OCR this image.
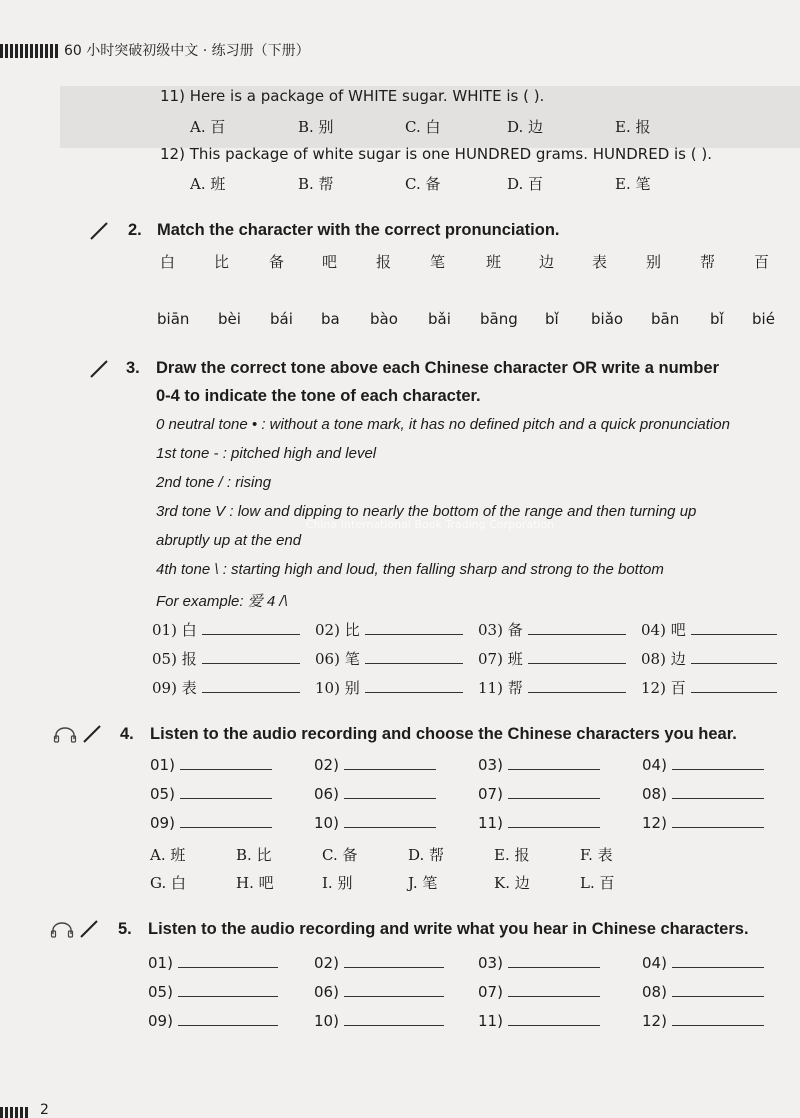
60 小时突破初级中文 · 练习册（下册）
11) Here is a package of WHITE sugar. WHITE is ( ).
A. 百	B. 别	C. 白	D. 边	E. 报
12) This package of white sugar is one HUNDRED grams. HUNDRED is ( ).
A. 班	B. 帮	C. 备	D. 百	E. 笔
2. Match the character with the correct pronunciation.
白	比	备	吧	报	笔	班	边	表	别	帮	百
biān bèi bái ba bào bǎi bāng bǐ biǎo bān bǐ bié
3. Draw the correct tone above each Chinese character OR write a number
0-4 to indicate the tone of each character.
0 neutral tone • : without a tone mark, it has no defined pitch and a quick pronunciation
1st tone - : pitched high and level
2nd tone / : rising
3rd tone V : low and dipping to nearly the bottom of the range and then turning up
abruptly up at the end
4th tone \ : starting high and loud, then falling sharp and strong to the bottom
For example: 爱 4 /\
01) 白	02) 比	03) 备	04) 吧
05) 报	06) 笔	07) 班	08) 边
09) 表	10) 别	11) 帮	12) 百
4. Listen to the audio recording and choose the Chinese characters you hear.
01)	02)	03)	04)
05)	06)	07)	08)
09)	10)	11)	12)
A. 班	B. 比	C. 备	D. 帮	E. 报	F. 表
G. 白	H. 吧	I. 别	J. 笔	K. 边	L. 百
5. Listen to the audio recording and write what you hear in Chinese characters.
01)	02)	03)	04)
05)	06)	07)	08)
09)	10)	11)	12)
China International Book Trading Corporation
2
